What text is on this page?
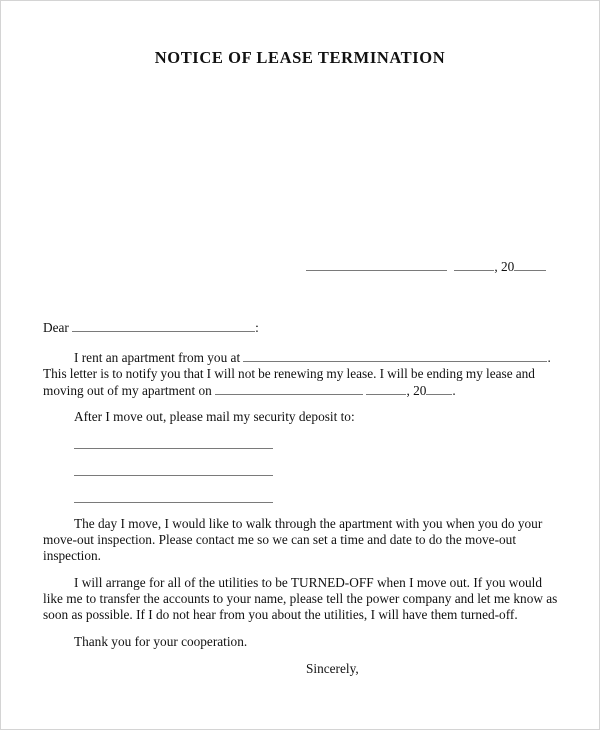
NOTICE OF LEASE TERMINATION
, 20
Dear	:
I rent an apartment from you at	.
This letter is to notify you that I will not be renewing my lease. I will be ending my lease and
moving out of my apartment on	, 20 .
After I move out, please mail my security deposit to:
The day I move, I would like to walk through the apartment with you when you do your
move-out inspection. Please contact me so we can set a time and date to do the move-out
inspection.
I will arrange for all of the utilities to be TURNED-OFF when I move out. If you would
like me to transfer the accounts to your name, please tell the power company and let me know as
soon as possible. If I do not hear from you about the utilities, I will have them turned-off.
Thank you for your cooperation.
Sincerely,
